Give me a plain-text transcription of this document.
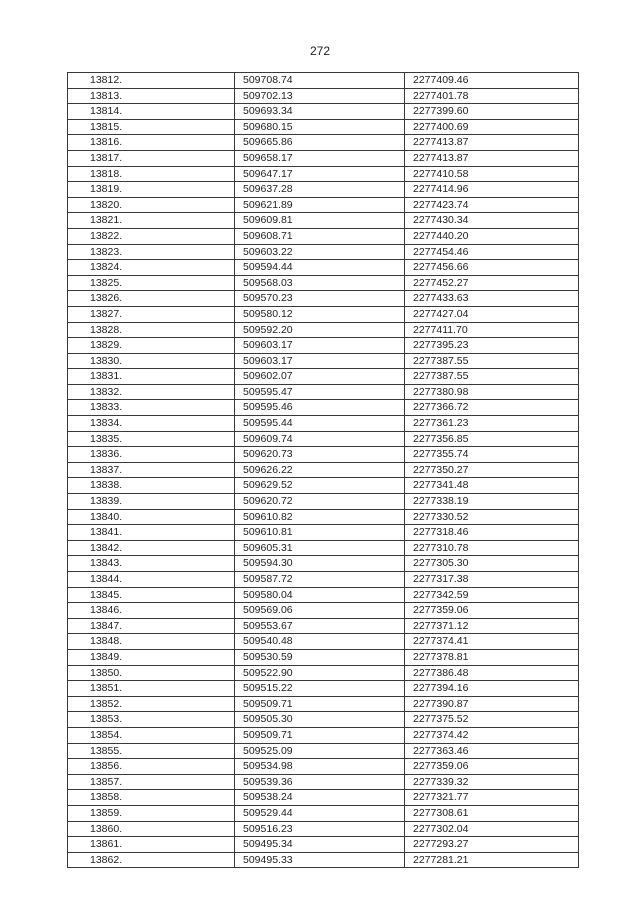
272
13812.	509708.74	2277409.46
13813.	509702.13	2277401.78
13814.	509693.34	2277399.60
13815.	509680.15	2277400.69
13816.	509665.86	2277413.87
13817.	509658.17	2277413.87
13818.	509647.17	2277410.58
13819.	509637.28	2277414.96
13820.	509621.89	2277423.74
13821.	509609.81	2277430.34
13822.	509608.71	2277440.20
13823.	509603.22	2277454.46
13824.	509594.44	2277456.66
13825.	509568.03	2277452.27
13826.	509570.23	2277433.63
13827.	509580.12	2277427.04
13828.	509592.20	2277411.70
13829.	509603.17	2277395.23
13830.	509603.17	2277387.55
13831.	509602.07	2277387.55
13832.	509595.47	2277380.98
13833.	509595.46	2277366.72
13834.	509595.44	2277361.23
13835.	509609.74	2277356.85
13836.	509620.73	2277355.74
13837.	509626.22	2277350.27
13838.	509629.52	2277341.48
13839.	509620.72	2277338.19
13840.	509610.82	2277330.52
13841.	509610.81	2277318.46
13842.	509605.31	2277310.78
13843.	509594.30	2277305.30
13844.	509587.72	2277317.38
13845.	509580.04	2277342.59
13846.	509569.06	2277359.06
13847.	509553.67	2277371.12
13848.	509540.48	2277374.41
13849.	509530.59	2277378.81
13850.	509522.90	2277386.48
13851.	509515.22	2277394.16
13852.	509509.71	2277390.87
13853.	509505.30	2277375.52
13854.	509509.71	2277374.42
13855.	509525.09	2277363.46
13856.	509534.98	2277359.06
13857.	509539.36	2277339.32
13858.	509538.24	2277321.77
13859.	509529.44	2277308.61
13860.	509516.23	2277302.04
13861.	509495.34	2277293.27
13862.	509495.33	2277281.21
